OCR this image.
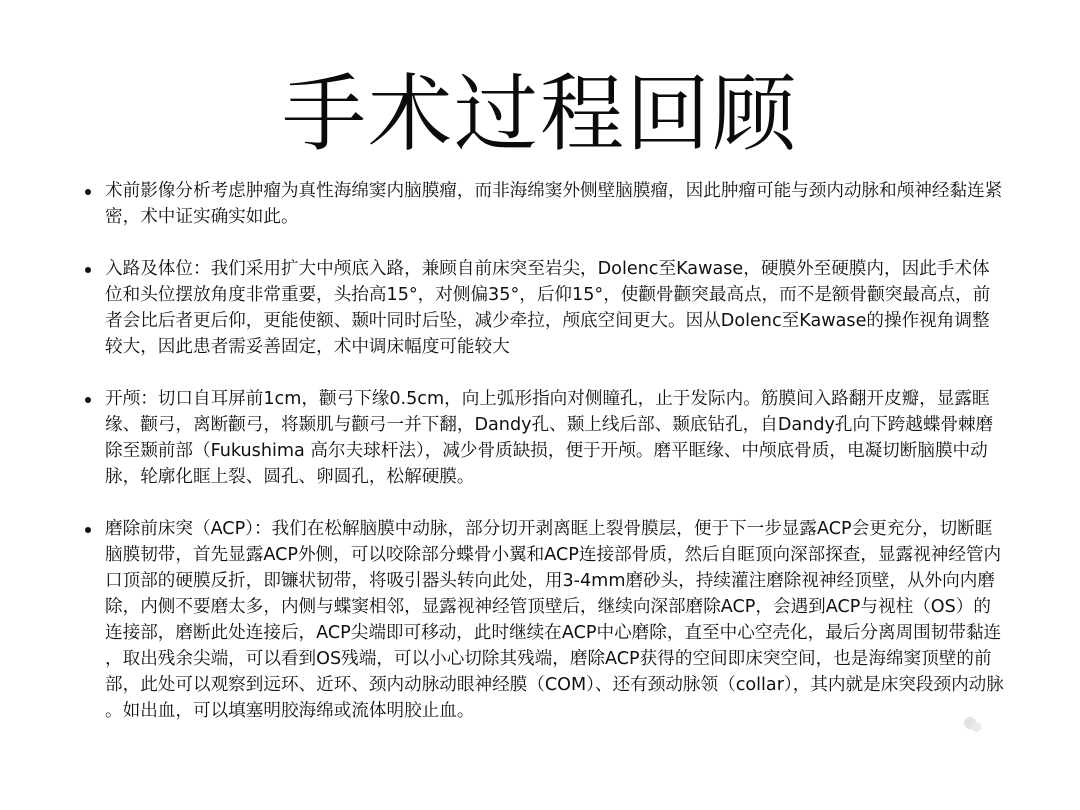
手术过程回顾
术前影像分析考虑肿瘤为真性海绵窦内脑膜瘤，而非海绵窦外侧壁脑膜瘤，因此肿瘤可能与颈内动脉和颅神经黏连紧密，术中证实确实如此。
入路及体位：我们采用扩大中颅底入路，兼顾自前床突至岩尖，Dolenc至Kawase，硬膜外至硬膜内，因此手术体位和头位摆放角度非常重要，头抬高15°，对侧偏35°，后仰15°，使颧骨颧突最高点，而不是额骨颧突最高点，前者会比后者更后仰，更能使额、颞叶同时后坠，减少牵拉，颅底空间更大。因从Dolenc至Kawase的操作视角调整较大，因此患者需妥善固定，术中调床幅度可能较大
开颅：切口自耳屏前1cm，颧弓下缘0.5cm，向上弧形指向对侧瞳孔，止于发际内。筋膜间入路翻开皮瓣，显露眶缘、颧弓，离断颧弓，将颞肌与颧弓一并下翻，Dandy孔、颞上线后部、颞底钻孔，自Dandy孔向下跨越蝶骨棘磨除至颞前部（Fukushima 高尔夫球杆法），减少骨质缺损，便于开颅。磨平眶缘、中颅底骨质，电凝切断脑膜中动脉，轮廓化眶上裂、圆孔、卵圆孔，松解硬膜。
磨除前床突（ACP）：我们在松解脑膜中动脉，部分切开剥离眶上裂骨膜层，便于下一步显露ACP会更充分，切断眶脑膜韧带，首先显露ACP外侧，可以咬除部分蝶骨小翼和ACP连接部骨质，然后自眶顶向深部探查，显露视神经管内口顶部的硬膜反折，即镰状韧带，将吸引器头转向此处，用3-4mm磨砂头，持续灌注磨除视神经顶壁，从外向内磨除，内侧不要磨太多，内侧与蝶窦相邻，显露视神经管顶壁后，继续向深部磨除ACP，会遇到ACP与视柱（OS）的连接部，磨断此处连接后，ACP尖端即可移动，此时继续在ACP中心磨除，直至中心空壳化，最后分离周围韧带黏连，取出残余尖端，可以看到OS残端，可以小心切除其残端，磨除ACP获得的空间即床突空间，也是海绵窦顶壁的前部，此处可以观察到远环、近环、颈内动脉动眼神经膜（COM）、还有颈动脉领（collar），其内就是床突段颈内动脉。如出血，可以填塞明胶海绵或流体明胶止血。
